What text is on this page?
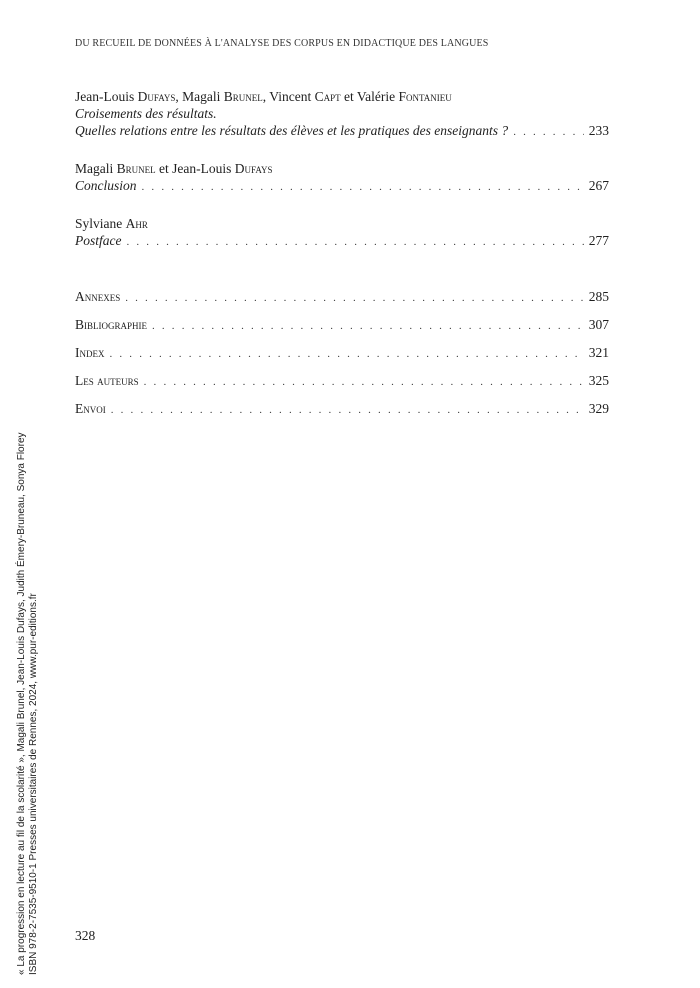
DU RECUEIL DE DONNÉES À L'ANALYSE DES CORPUS EN DIDACTIQUE DES LANGUES
Jean-Louis Dufays, Magali Brunel, Vincent Capt et Valérie Fontanieu
Croisements des résultats.
Quelles relations entre les résultats des élèves et les pratiques des enseignants ? . . .	233
Magali Brunel et Jean-Louis Dufays
Conclusion . . .	267
Sylviane Ahr
Postface . . .	277
Annexes . . .	285
Bibliographie . . .	307
Index . . .	321
Les auteurs . . .	325
Envoi . . .	329
« La progression en lecture au fil de la scolarité », Magali Brunel, Jean-Louis Dufays, Judith Émery-Bruneau, Sonya Florey ISBN 978-2-7535-9510-1 Presses universitaires de Rennes, 2024, www.pur-editions.fr	328
